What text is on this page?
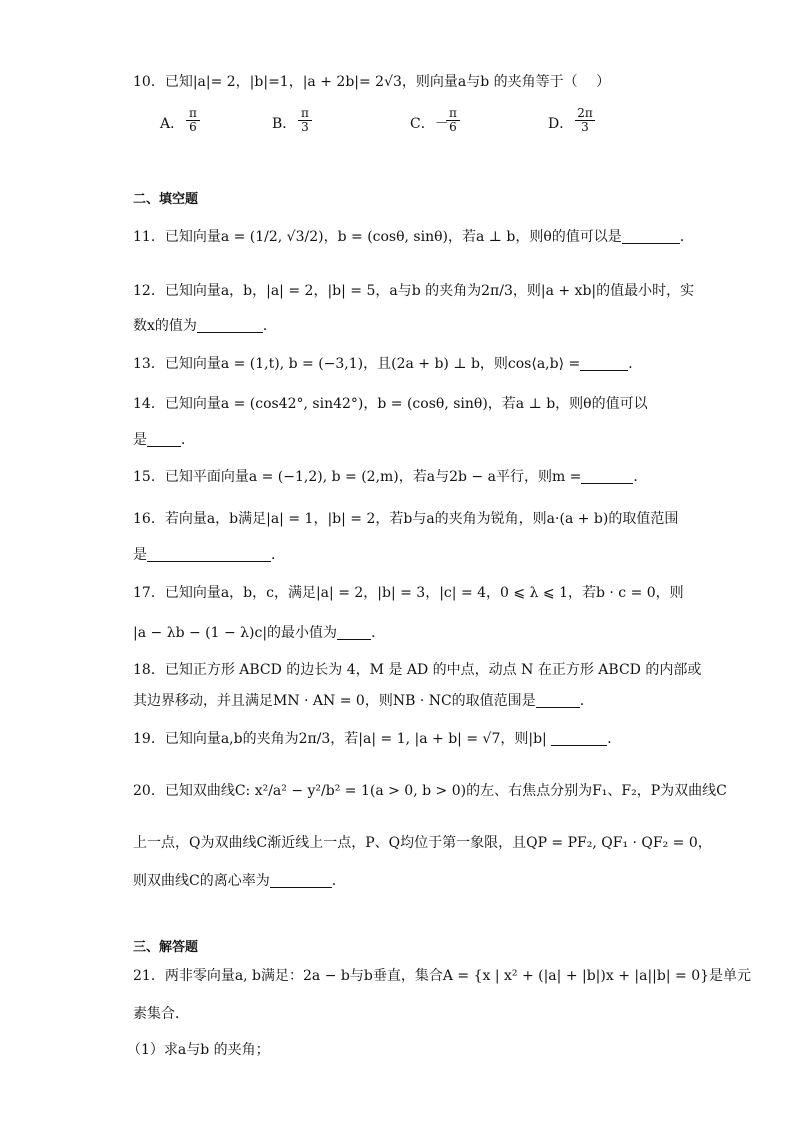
10．已知|a|= 2，|b|=1，|a + 2b|= 2√3，则向量a与b 的夹角等于（　 ）
A． $\frac{\pi}{6}$	B． $\frac{\pi}{3}$	C．－
$\frac{\pi}{6}$	D． $\frac{2\pi}{3}$
二、填空题
11．已知向量a = (1/2, √3/2)，b = (cosθ, sinθ)，若a ⊥ b，则θ的值可以是	．
12．已知向量a，b，|a| = 2，|b| = 5，a与b 的夹角为2π/3，则|a + xb|的值最小时，实
数x的值为	．
13．已知向量a = (1,t), b = (−3,1)，且(2a + b) ⊥ b，则cos⟨a,b⟩ =	．
14．已知向量a = (cos42°, sin42°)，b = (cosθ, sinθ)，若a ⊥ b，则θ的值可以
是 ．
15．已知平面向量a = (−1,2), b = (2,m)，若a与2b − a平行，则m =	．
16．若向量a，b满足|a| = 1，|b| = 2，若b与a的夹角为锐角，则a·(a + b)的取值范围
是	．
17．已知向量a，b，c，满足|a| = 2，|b| = 3，|c| = 4，0 ⩽ λ ⩽ 1，若b · c = 0，则
|a − λb − (1 − λ)c|的最小值为 ．
18．已知正方形 ABCD 的边长为 4，M 是 AD 的中点，动点 N 在正方形 ABCD 的内部或
其边界移动，并且满足MN · AN = 0，则NB · NC的取值范围是	．
19．已知向量a,b的夹角为2π/3，若|a| = 1, |a + b| = √7，则|b|	．
20．已知双曲线C: x²/a² − y²/b² = 1(a > 0, b > 0)的左、右焦点分别为F₁、F₂，P为双曲线C
上一点，Q为双曲线C渐近线上一点，P、Q均位于第一象限，且QP = PF₂, QF₁ · QF₂ = 0，
则双曲线C的离心率为	．
三、解答题
21．两非零向量a, b满足：2a − b与b垂直，集合A = {x | x² + (|a| + |b|)x + |a||b| = 0}是单元
素集合．
（1）求a与b 的夹角；
